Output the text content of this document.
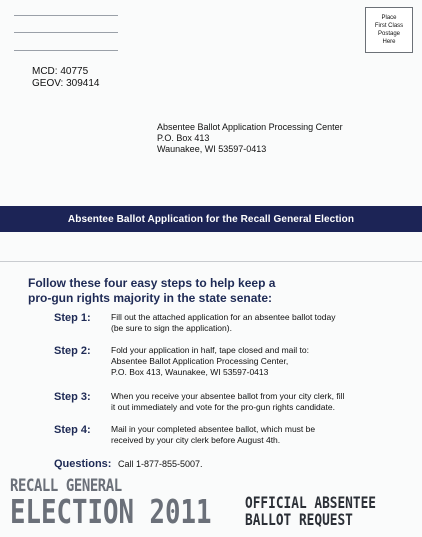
Place
First Class
Postage
Here
MCD: 40775
GEOV: 309414
Absentee Ballot Application Processing Center
P.O. Box 413
Waunakee, WI 53597-0413
Absentee Ballot Application for the Recall General Election
Follow these four easy steps to help keep a
pro-gun rights majority in the state senate:
Step 1:	Fill out the attached application for an absentee ballot today
(be sure to sign the application).
Step 2:	Fold your application in half, tape closed and mail to:
Absentee Ballot Application Processing Center,
P.O. Box 413, Waunakee, WI 53597-0413
Step 3:	When you receive your absentee ballot from your city clerk, fill
it out immediately and vote for the pro-gun rights candidate.
Step 4:	Mail in your completed absentee ballot, which must be
received by your city clerk before August 4th.
Questions: Call 1-877-855-5007.
RECALL GENERAL
ELECTION 2011 OFFICIAL ABSENTEE
BALLOT REQUEST
